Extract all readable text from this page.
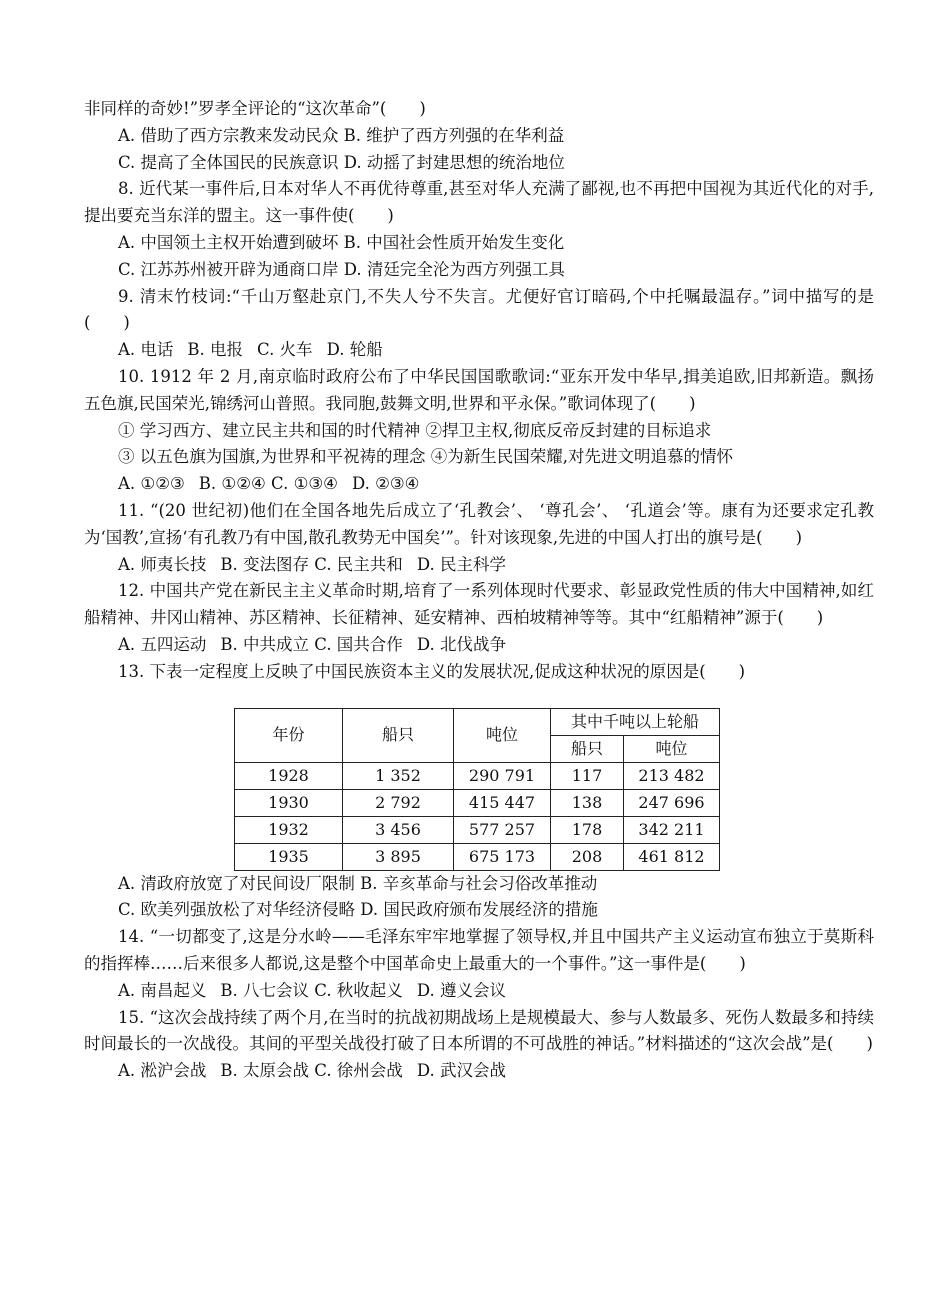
非同样的奇妙!”罗孝全评论的“这次革命”(　　)
A. 借助了西方宗教来发动民众 B. 维护了西方列强的在华利益
C. 提高了全体国民的民族意识 D. 动摇了封建思想的统治地位
8. 近代某一事件后,日本对华人不再优待尊重,甚至对华人充满了鄙视,也不再把中国视为其近代化的对手,提出要充当东洋的盟主。这一事件使(　　)
A. 中国领土主权开始遭到破坏 B. 中国社会性质开始发生变化
C. 江苏苏州被开辟为通商口岸 D. 清廷完全沦为西方列强工具
9. 清末竹枝词:“千山万壑赴京门,不失人兮不失言。尤便好官订暗码,个中托嘱最温存。”词中描写的是　(　　)
A. 电话 B. 电报 C. 火车 D. 轮船
10. 1912 年 2 月,南京临时政府公布了中华民国国歌歌词:“亚东开发中华早,揖美追欧,旧邦新造。飘扬五色旗,民国荣光,锦绣河山普照。我同胞,鼓舞文明,世界和平永保。”歌词体现了(　　)
① 学习西方、建立民主共和国的时代精神 ②捍卫主权,彻底反帝反封建的目标追求
③ 以五色旗为国旗,为世界和平祝祷的理念 ④为新生民国荣耀,对先进文明追慕的情怀
A. ①②③ B. ①②④ C. ①③④ D. ②③④
11. “(20 世纪初)他们在全国各地先后成立了‘孔教会’、 ‘尊孔会’、 ‘孔道会’等。康有为还要求定孔教为‘国教’,宣扬‘有孔教乃有中国,散孔教势无中国矣’”。针对该现象,先进的中国人打出的旗号是(　　)
A. 师夷长技 B. 变法图存 C. 民主共和 D. 民主科学
12. 中国共产党在新民主主义革命时期,培育了一系列体现时代要求、彰显政党性质的伟大中国精神,如红船精神、井冈山精神、苏区精神、长征精神、延安精神、西柏坡精神等等。其中“红船精神”源于(　　)
A. 五四运动 B. 中共成立 C. 国共合作 D. 北伐战争
13. 下表一定程度上反映了中国民族资本主义的发展状况,促成这种状况的原因是(　　)
年份	船只	吨位	其中千吨以上轮船	
			船只	吨位
1928	1 352	290 791	117	213 482
1930	2 792	415 447	138	247 696
1932	3 456	577 257	178	342 211
1935	3 895	675 173	208	461 812
A. 清政府放宽了对民间设厂限制 B. 辛亥革命与社会习俗改革推动
C. 欧美列强放松了对华经济侵略 D. 国民政府颁布发展经济的措施
14. “一切都变了,这是分水岭——毛泽东牢牢地掌握了领导权,并且中国共产主义运动宣布独立于莫斯科的指挥棒……后来很多人都说,这是整个中国革命史上最重大的一个事件。”这一事件是(　　)
A. 南昌起义 B. 八七会议 C. 秋收起义 D. 遵义会议
15. “这次会战持续了两个月,在当时的抗战初期战场上是规模最大、参与人数最多、死伤人数最多和持续时间最长的一次战役。其间的平型关战役打破了日本所谓的不可战胜的神话。”材料描述的“这次会战”是(　　)
A. 淞沪会战 B. 太原会战 C. 徐州会战 D. 武汉会战
